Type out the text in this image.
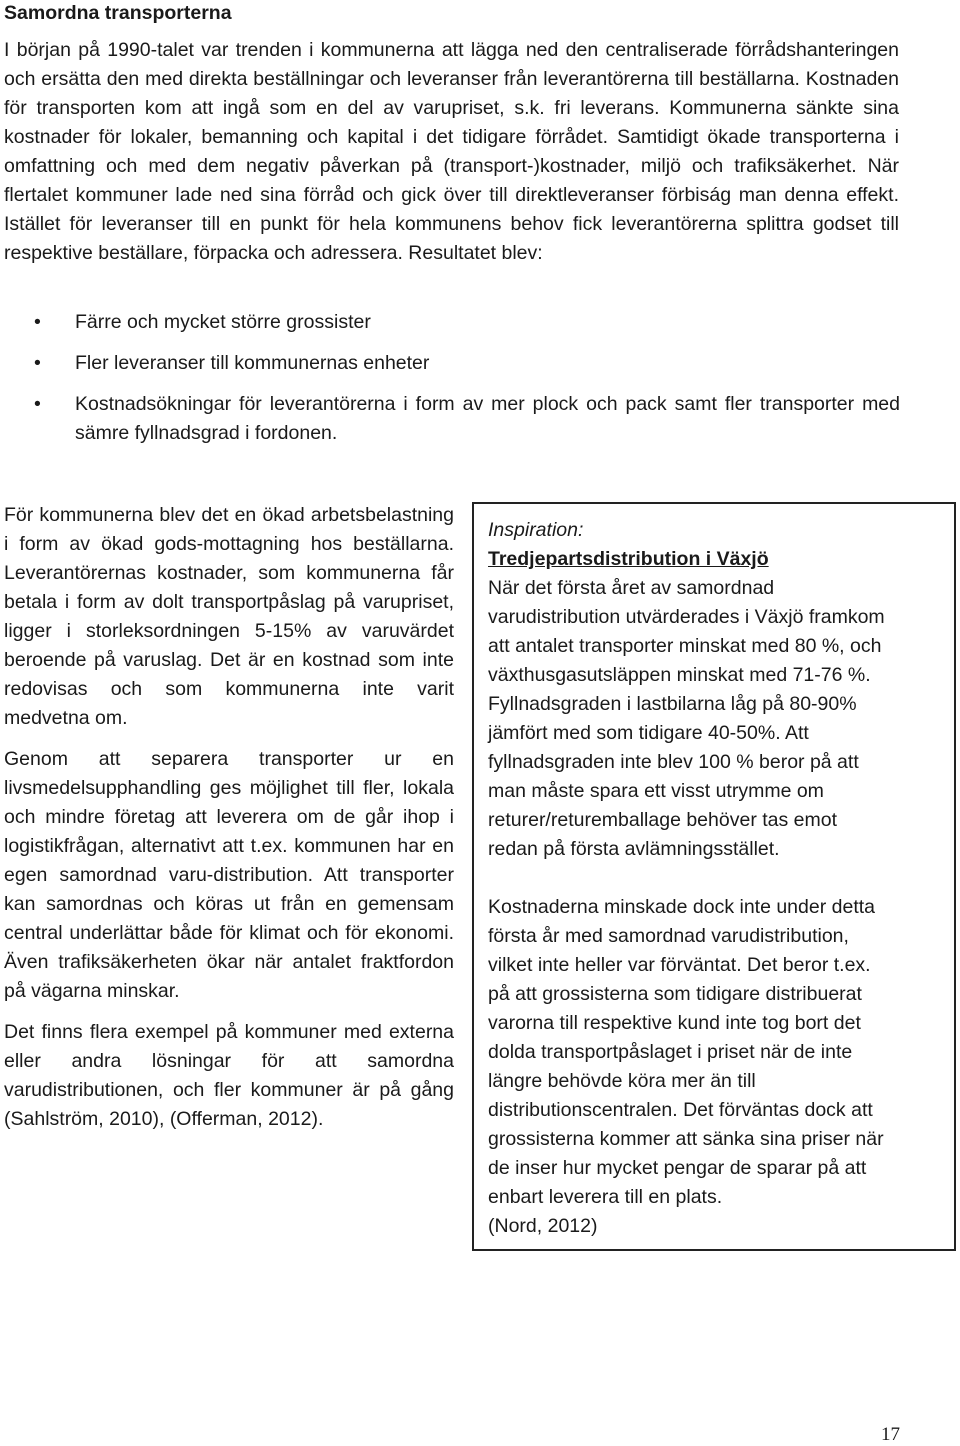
Samordna transporterna

I början på 1990-talet var trenden i kommunerna att lägga ned den centraliserade förrådshanteringen och ersätta den med direkta beställningar och leveranser från leverantörerna till beställarna. Kostnaden för transporten kom att ingå som en del av varupriset, s.k. fri leverans. Kommunerna sänkte sina kostnader för lokaler, bemanning och kapital i det tidigare förrådet. Samtidigt ökade transporterna i omfattning och med dem negativ påverkan på (transport-)kostnader, miljö och trafiksäkerhet. När flertalet kommuner lade ned sina förråd och gick över till direktleveranser förbiság man denna effekt. Istället för leveranser till en punkt för hela kommunens behov fick leverantörerna splittra godset till respektive beställare, förpacka och adressera. Resultatet blev:

• Färre och mycket större grossister
• Fler leveranser till kommunernas enheter
• Kostnadsökningar för leverantörerna i form av mer plock och pack samt fler transporter med sämre fyllnadsgrad i fordonen.

För kommunerna blev det en ökad arbetsbelastning i form av ökad gods-mottagning hos beställarna. Leverantörernas kostnader, som kommunerna får betala i form av dolt transportpåslag på varupriset, ligger i storleksordningen 5-15% av varuvärdet beroende på varuslag. Det är en kostnad som inte redovisas och som kommunerna inte varit medvetna om.

Genom att separera transporter ur en livsmedelsupphandling ges möjlighet till fler, lokala och mindre företag att leverera om de går ihop i logistikfrågan, alternativt att t.ex. kommunen har en egen samordnad varu-distribution. Att transporter kan samordnas och köras ut från en gemensam central underlättar både för klimat och för ekonomi. Även trafiksäkerheten ökar när antalet fraktfordon på vägarna minskar.

Det finns flera exempel på kommuner med externa eller andra lösningar för att samordna varudistributionen, och fler kommuner är på gång (Sahlström, 2010), (Offerman, 2012).

Inspiration:

Tredjepartsdistribution i Växjö

När det första året av samordnad

varudistribution utvärderades i Växjö framkom

att antalet transporter minskat med 80 %, och

växthusgasutsläppen minskat med 71-76 %.

Fyllnadsgraden i lastbilarna låg på 80-90%

jämfört med som tidigare 40-50%. Att

fyllnadsgraden inte blev 100 % beror på att

man måste spara ett visst utrymme om

returer/returemballage behöver tas emot

redan på första avlämningsstället.

Kostnaderna minskade dock inte under detta

första år med samordnad varudistribution,

vilket inte heller var förväntat. Det beror t.ex.

på att grossisterna som tidigare distribuerat

varorna till respektive kund inte tog bort det

dolda transportpåslaget i priset när de inte

längre behövde köra mer än till

distributionscentralen. Det förväntas dock att

grossisterna kommer att sänka sina priser när

de inser hur mycket pengar de sparar på att

enbart leverera till en plats.

(Nord, 2012)

17
